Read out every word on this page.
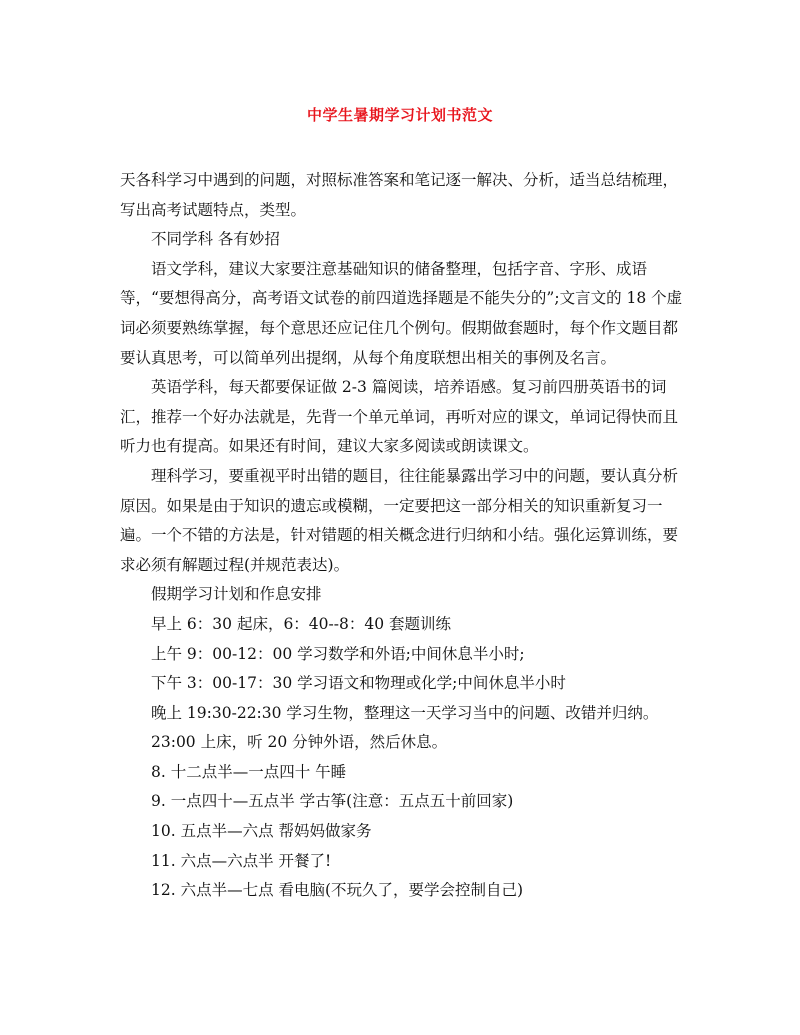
中学生暑期学习计划书范文

天各科学习中遇到的问题，对照标准答案和笔记逐一解决、分析，适当总结梳理，写出高考试题特点，类型。

不同学科 各有妙招

语文学科，建议大家要注意基础知识的储备整理，包括字音、字形、成语等，“要想得高分，高考语文试卷的前四道选择题是不能失分的”;文言文的 18 个虚词必须要熟练掌握，每个意思还应记住几个例句。假期做套题时，每个作文题目都要认真思考，可以简单列出提纲，从每个角度联想出相关的事例及名言。

英语学科，每天都要保证做 2-3 篇阅读，培养语感。复习前四册英语书的词汇，推荐一个好办法就是，先背一个单元单词，再听对应的课文，单词记得快而且听力也有提高。如果还有时间，建议大家多阅读或朗读课文。

理科学习，要重视平时出错的题目，往往能暴露出学习中的问题，要认真分析原因。如果是由于知识的遗忘或模糊，一定要把这一部分相关的知识重新复习一遍。一个不错的方法是，针对错题的相关概念进行归纳和小结。强化运算训练，要求必须有解题过程(并规范表达)。

假期学习计划和作息安排

早上 6：30 起床，6：40--8：40 套题训练

上午 9：00-12：00 学习数学和外语;中间休息半小时;

下午 3：00-17：30 学习语文和物理或化学;中间休息半小时

晚上 19:30-22:30 学习生物，整理这一天学习当中的问题、改错并归纳。

23:00 上床，听 20 分钟外语，然后休息。

8. 十二点半—一点四十 午睡

9. 一点四十—五点半 学古筝(注意：五点五十前回家)

10. 五点半—六点 帮妈妈做家务

11. 六点—六点半 开餐了!

12. 六点半—七点 看电脑(不玩久了，要学会控制自己)
